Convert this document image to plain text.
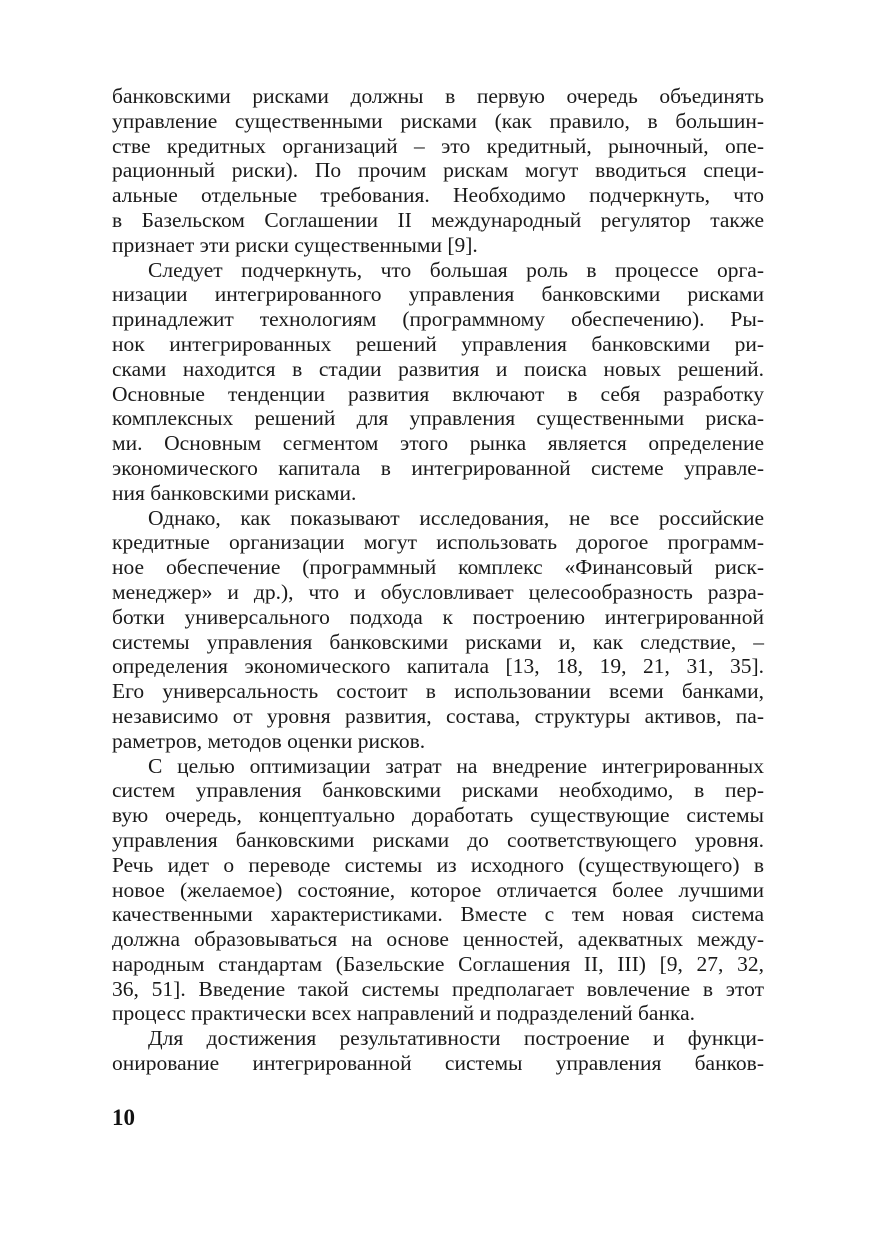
банковскими рисками должны в первую очередь объединять
управление существенными рисками (как правило, в большин-
стве кредитных организаций – это кредитный, рыночный, опе-
рационный риски). По прочим рискам могут вводиться специ-
альные отдельные требования. Необходимо подчеркнуть, что
в Базельском Соглашении II международный регулятор также
признает эти риски существенными [9].
Следует подчеркнуть, что большая роль в процессе орга-
низации интегрированного управления банковскими рисками
принадлежит технологиям (программному обеспечению). Ры-
нок интегрированных решений управления банковскими ри-
сками находится в стадии развития и поиска новых решений.
Основные тенденции развития включают в себя разработку
комплексных решений для управления существенными риска-
ми. Основным сегментом этого рынка является определение
экономического капитала в интегрированной системе управле-
ния банковскими рисками.
Однако, как показывают исследования, не все российские
кредитные организации могут использовать дорогое программ-
ное обеспечение (программный комплекс «Финансовый риск-
менеджер» и др.), что и обусловливает целесообразность разра-
ботки универсального подхода к построению интегрированной
системы управления банковскими рисками и, как следствие, –
определения экономического капитала [13, 18, 19, 21, 31, 35].
Его универсальность состоит в использовании всеми банками,
независимо от уровня развития, состава, структуры активов, па-
раметров, методов оценки рисков.
С целью оптимизации затрат на внедрение интегрированных
систем управления банковскими рисками необходимо, в пер-
вую очередь, концептуально доработать существующие системы
управления банковскими рисками до соответствующего уровня.
Речь идет о переводе системы из исходного (существующего) в
новое (желаемое) состояние, которое отличается более лучшими
качественными характеристиками. Вместе с тем новая система
должна образовываться на основе ценностей, адекватных между-
народным стандартам (Базельские Соглашения II, III) [9, 27, 32,
36, 51]. Введение такой системы предполагает вовлечение в этот
процесс практически всех направлений и подразделений банка.
Для достижения результативности построение и функци-
онирование интегрированной системы управления банков-
10
